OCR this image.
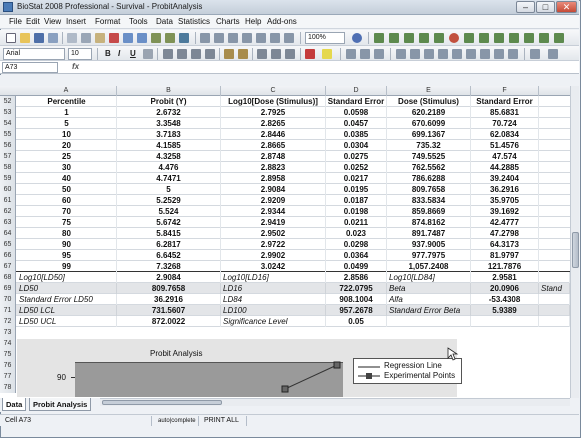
BioStat 2008 Professional - Survival - ProbitAnalysis	–	□	✕
File Edit View Insert Format Tools Data Statistics Charts Help Add-ons
100%
Arial	10	B I U
A73	fx
A	B	C	D	E	F
52	Percentile	Probit (Y)	Log10[Dose (Stimulus)]	Standard Error	Dose (Stimulus)	Standard Error
53	1	2.6732	2.7925	0.0598	620.2189	85.6831
54	5	3.3548	2.8265	0.0457	670.6099	70.724
55	10	3.7183	2.8446	0.0385	699.1367	62.0834
56	20	4.1585	2.8665	0.0304	735.32	51.4576
57	25	4.3258	2.8748	0.0275	749.5525	47.574
58	30	4.476	2.8823	0.0252	762.5562	44.2885
59	40	4.7471	2.8958	0.0217	786.6288	39.2404
60	50	5	2.9084	0.0195	809.7658	36.2916
61	60	5.2529	2.9209	0.0187	833.5834	35.9705
62	70	5.524	2.9344	0.0198	859.8669	39.1692
63	75	5.6742	2.9419	0.0211	874.8162	42.4777
64	80	5.8415	2.9502	0.023	891.7487	47.2798
65	90	6.2817	2.9722	0.0298	937.9005	64.3173
66	95	6.6452	2.9902	0.0364	977.7975	81.9797
67	99	7.3268	3.0242	0.0499	1,057.2408	121.7876
68 Log10[LD50]	2.9084	Log10[LD16]	2.8586	Log10[LD84]	2.9581
69 LD50	809.7658	LD16	722.0795	Beta	20.0906	Stand
70 Standard Error LD50	36.2916	LD84	908.1004	Alfa	-53.4308
71 LD50 LCL	731.5607	LD100	957.2678	Standard Error Beta	5.9389
72 LD50 UCL	872.0022	Significance Level	0.05
73
74
75
76
77
78
Probit Analysis
90
Regression Line
Experimental Points
Data	Probit Analysis
Cell A73	auto|complete	PRINT ALL
